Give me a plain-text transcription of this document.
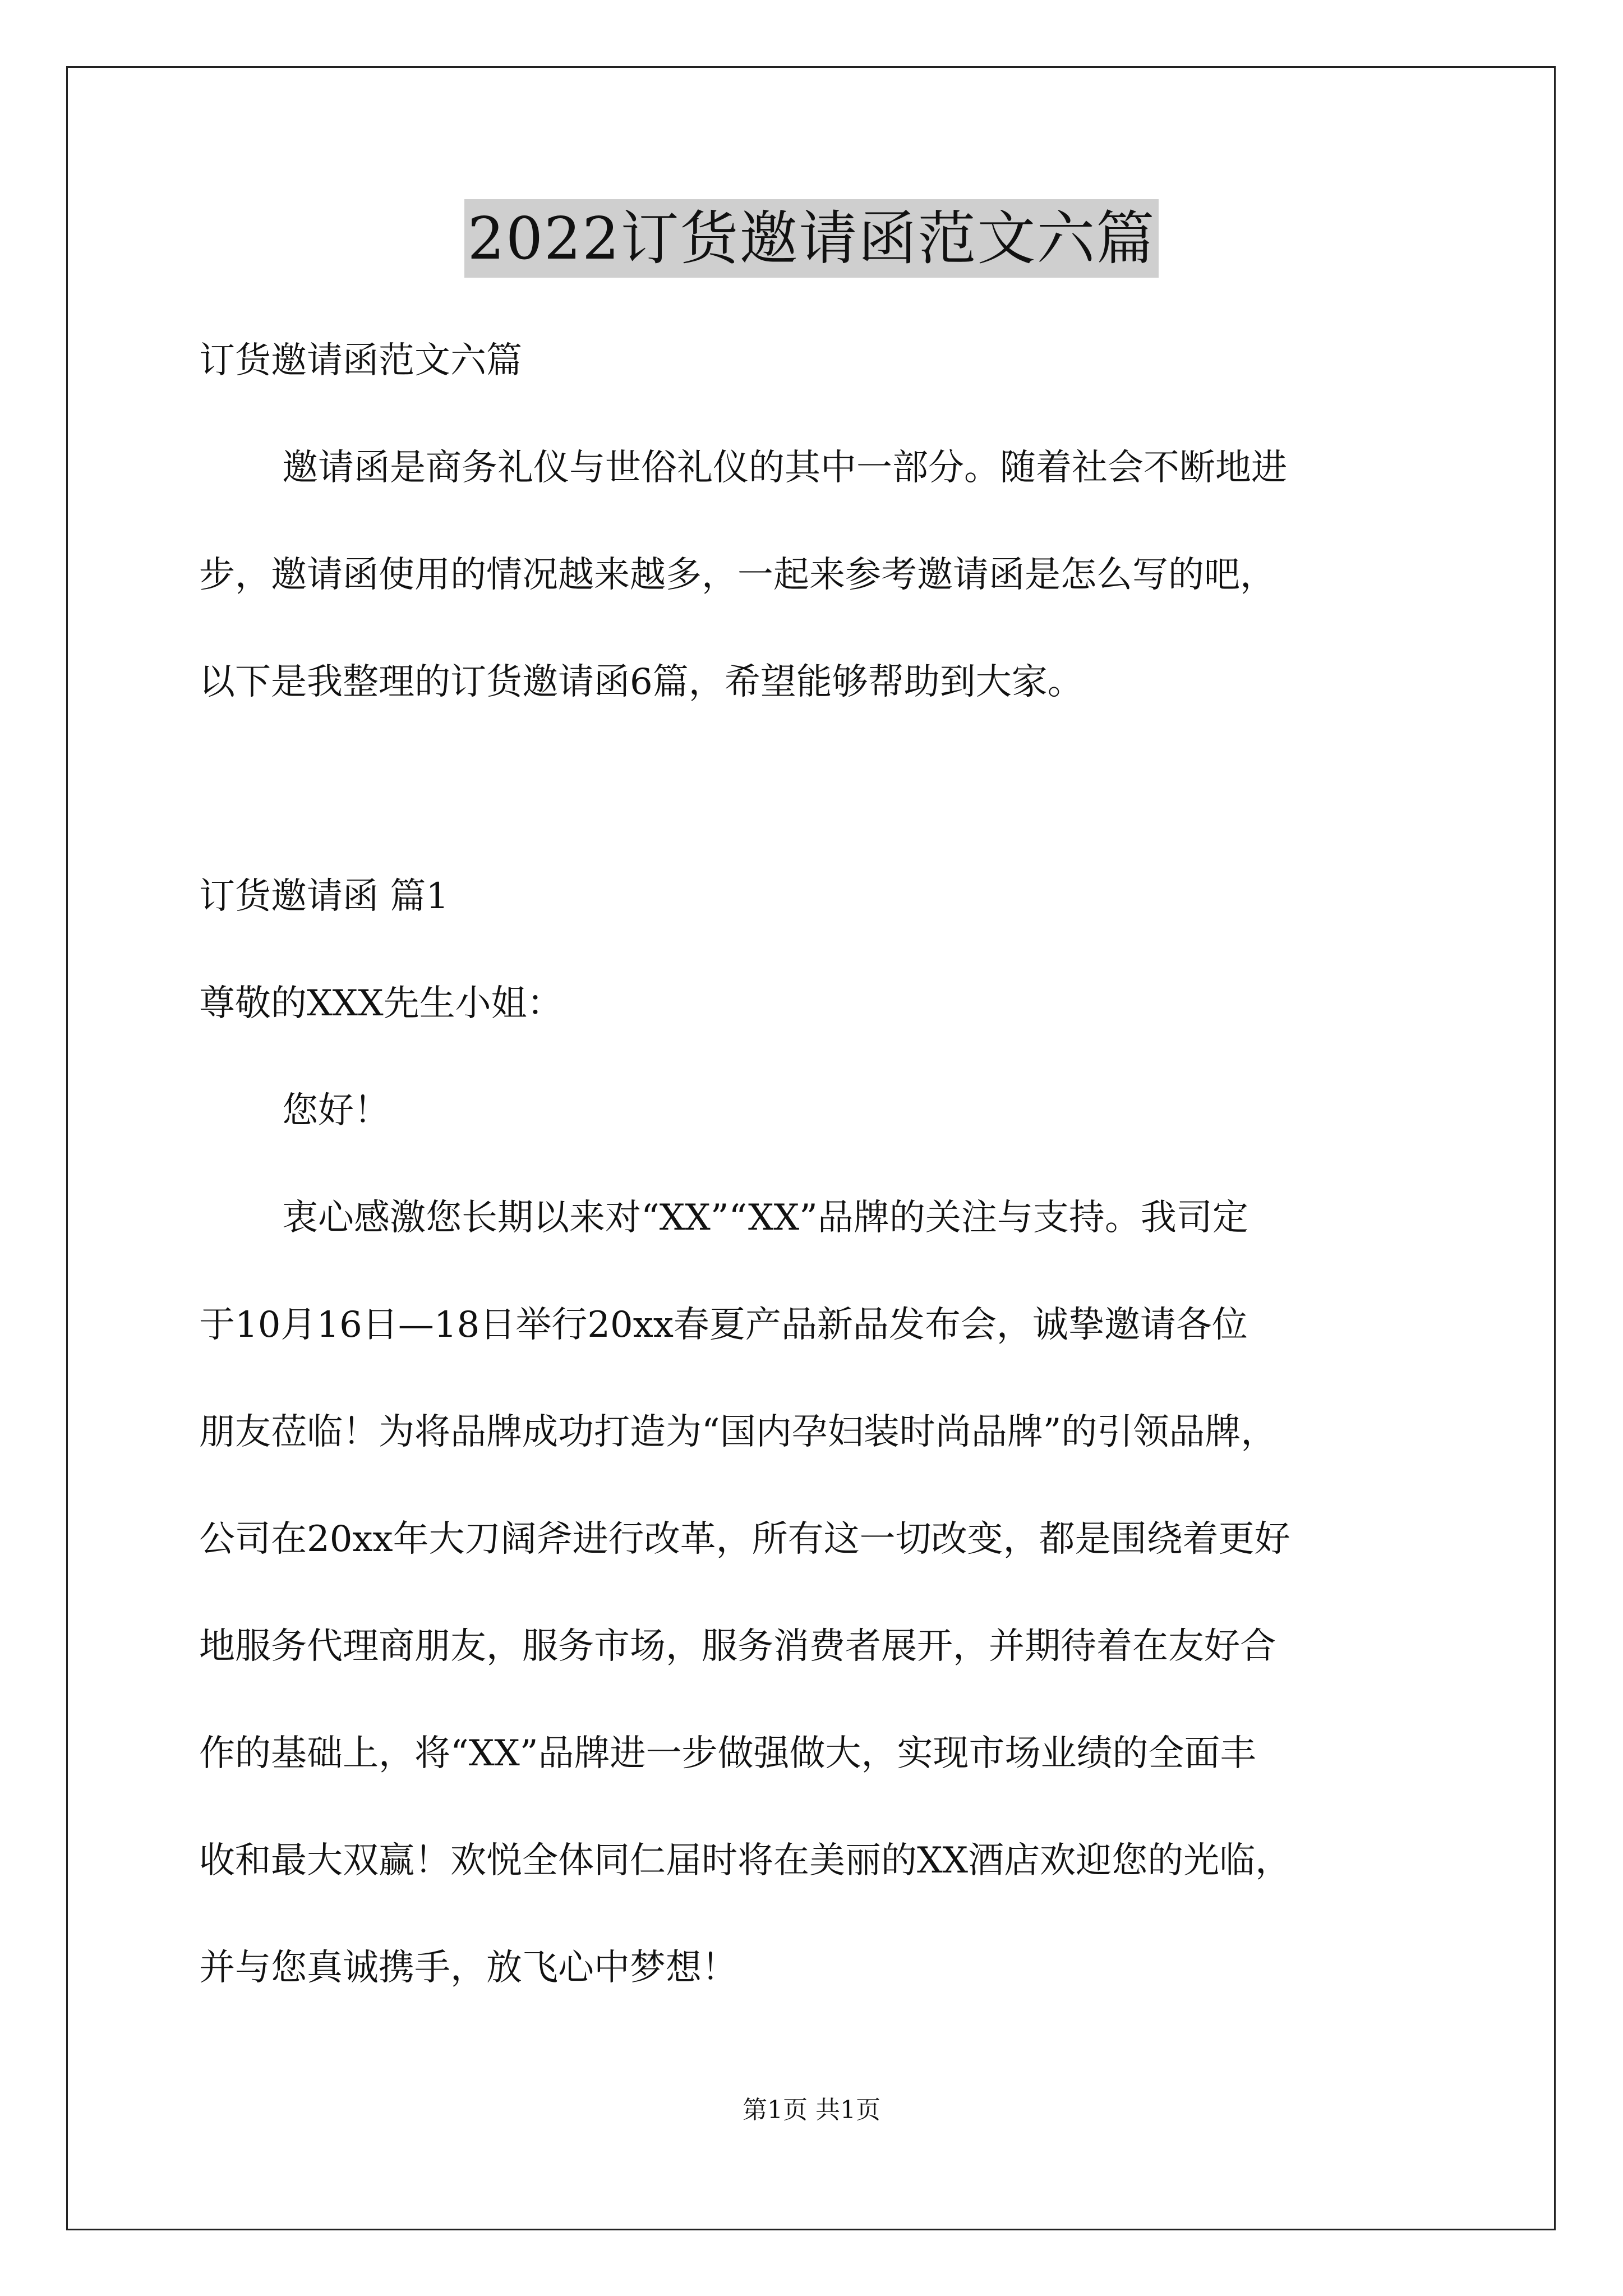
2022订货邀请函范文六篇

订货邀请函范文六篇

邀请函是商务礼仪与世俗礼仪的其中一部分。随着社会不断地进

步，邀请函使用的情况越来越多，一起来参考邀请函是怎么写的吧，

以下是我整理的订货邀请函6篇，希望能够帮助到大家。

订货邀请函 篇1

尊敬的XXX先生小姐：

您好！

衷心感激您长期以来对“XX”“XX”品牌的关注与支持。我司定

于10月16日—18日举行20xx春夏产品新品发布会，诚挚邀请各位

朋友莅临！为将品牌成功打造为“国内孕妇装时尚品牌”的引领品牌，

公司在20xx年大刀阔斧进行改革，所有这一切改变，都是围绕着更好

地服务代理商朋友，服务市场，服务消费者展开，并期待着在友好合

作的基础上，将“XX”品牌进一步做强做大，实现市场业绩的全面丰

收和最大双赢！欢悦全体同仁届时将在美丽的XX酒店欢迎您的光临，

并与您真诚携手，放飞心中梦想！

第1页 共1页
